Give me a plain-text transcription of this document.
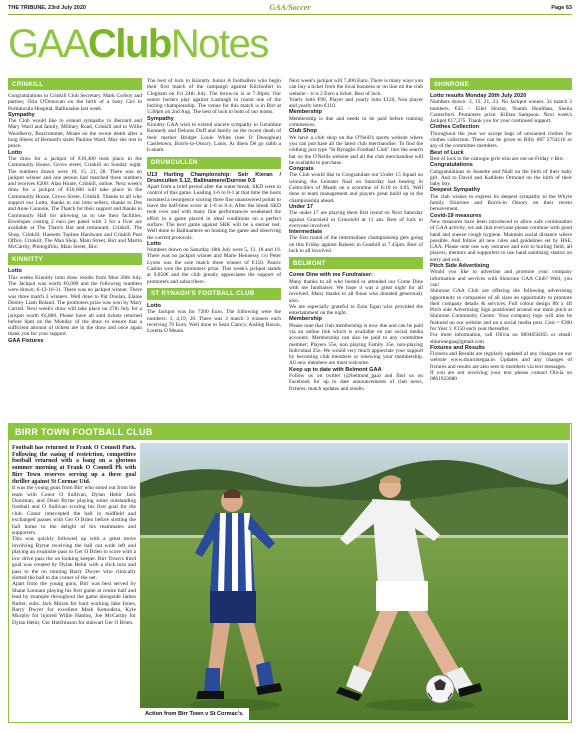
THE TRIBUNE, 23rd July 2020	GAA/Soccer	Page 63
GAAClubNotes
CRINKILL

Congratulations to Crinkill Club Secretary, Mark Corboy and partner, Orla O'Donovan on the birth of a baby Girl in Portiuncula Hospital, Ballinasloe last week.

Sympathy

The Club would like to extend sympathy to Bernard and Mary Ward and family, Military Road, Crinkill and to Willie Woodberry, Roscrommet, Moate on the recent death after a long illness of Bernard's sister Pauline Ward. May she rest in peace.

Lotto

The draw for a jackpot of €10,400 took place in the Community House, Grove street, Crinkill on Sunday night. The numbers drawn were 10, 15, 21, 28. There was no jackpot winner and one person had matched three numbers and receives €200: Alan Hoare, Crinkill, online. Next week's draw for a jackpot of €10,600 will take place in the Community House, Grove Street, Crinkill. Thanks to all who support our Lotto, thanks to our lotto sellers, thanks to Des and Anne Connole, The Thatch for their support and thanks to Community Hall for allowing us to use their facilities. Envelopes costing 2 euro per panel with 3 for a fiver are available at The Thatch Bar and restaurant, Crinkill; The Shop, Crinkill; Hassetts Topline Hardware and Crinkill Post Office, Crinkill; The Man Shop, Main Street, Birr and Martin McCarthy, Photogift4u, Main Street, Birr.

KINNITTY
Lotto

This weeks Kinnitty lotto draw results from Mon 20th July. The Jackpot was worth €6,000 and the following numbers were drawn; 6-12-16-31. There was no jackpot winner. There was three match 3 winners. Well done to Pat Doolan, Elaine Dooley Liam Boland. The promoters prize was won by Mary Carroll. Next week's draw will take place on 27th July for a jackpot worth €6,800. Please have all sold tickets returned before 6pm on the Monday of the draw to ensure that a sufficient amount of tickets are in the draw and once again thank you for your support.

GAA Fixtures

The best of luck to Kinnitty Junior A footballers who begin their first match of the campaign against Kilclonfert in Clogham on Fri 24th July. The throw-in is at 7:30pm. Our senior hurlers play against Lusmagh in round one of the hurling championship. The venue for this match is in Birr at 5:30pm on 2nd Aug. The best of luck to both of our teams.

Sympathy

Kinnitty GAA wish to extend sincere sympathy to Geraldine Kennedy and Delores Duff and family on the recent death of their mother Bridget Louie White (nee O Donoghue) Castletown, Borris-in-Ossory, Laois. Ar dheis Dé go raibh a h-anam.

DRUMCULLEN
U13 Hurling Championship: Seir Kieran / Drumcullen 5.12, Ballinamere/Durrow 0.5

Apart from a brief period after the water break, SKD were in control of this game. Leading 1-6 to 0-1 at that time the hosts mounted a resurgence scoring three fine unanswered points to leave the half-time score at 1-6 to 0-4. After the break SKD took over and with many fine performances weakened the effort in a game played in ideal conditions on a perfect surface. The next game against SBK will be a sterner test. Well done to Ballinamere on hosting the game and observing the current protocols.

Lotto

Numbers drawn on Saturday 18th July were 5, 13, 18 and 19. There was no jackpot winner and Marie Hennessy c/o Peter Lyons was the sole match three winner of €150. Pauric Cashin won the promoters prize. This week's jackpot stands at 9,850€ and the club greatly appreciates the support of promoters and subscribers.

ST RYNAGH'S FOOTBALL CLUB
Lotto

The Jackpot was for 7200 Euro. The following were the numbers: 3, 4,19, 20. There was 3 match 3 winners each receiving 70 Euro. Well done to Sean Clancy, Aisling Bacon, Loretta O Meara.

Next week's jackpot will 7,400 Euro. There is many ways you can buy a ticket from the local business or on line on the club website – it is 2 Euro a ticket. Best of luck.

Yearly lotto €90, Player and yearly lotto €120, Non player and yearly lotto €110.

Membership

Membership is due and needs to be paid before training commences.

Club Shop

We have a club shop on the O'Neill's sports website where you can purchase all the latest club merchandise. To find the clothing just type "St Rynaghs Football Club" into the search bar on the O'Neills website and all the club merchandise will be available to purchase.

Congrats

The Club would like to Congratulate our Under 15 Squad on winning the Leinster final on Saturday last beating St Colmcille's of Meath on a scoreline of 6:10 to 4:05. Well done to team management and players great build up to the championship ahead.

Under 17

The under 17 are playing there first round on Next Saturday against Graceield in Graceield at 11 am. Best of luck to everyone involved.

Intermediate

The first round of the intermediate championship gets going on this Friday against Raheen in Geashill at 7.45pm. Best of luck to all involved.

BELMONT
Come Dine with me Fundraiser:

Many thanks to all who hosted or attended our Come Dine with me fundraiser. We hope it was a great night for all involved. Many thanks to all those who donated generously also.

We are especially grateful to Eoin Egan who provided the entertainment on the night.

Membership

Please note that club membership is now due and can be paid via an online link which is available on our social media accounts. Membership can also be paid to any committee member: Players 55e, non playing Family 35e, non-playing Individual 25e. We would very much appreciate your support by becoming club members or renewing your membership. All new members are most welcome.

Keep up to date with Belmont GAA

Follow us on twitter (@belmont_gaa) and find us on Facebook for up to date announcements of club news, fixtures, match updates and results.

SHINRONE
Lotto results Monday 20th July 2020

Numbers drawn: 3, 13, 21, 23. No Jackpot winner. 3x match 3 numbers. €45 – Eilel Hoctor, Niamh Houlihan, Sheila Comerford. Promoters prize: Killian Sampson. Next week's Jackpot €17,375. Thank you for your continued support.

Clothes Collection

Throughout the year we accept bags of unwanted clothes for clothes collection. These can be given to Billy 087 2754116 or any of the committee members.

Best of Luck

Best of luck to the camogie girls who are out on Friday v Birr.

Congratulations

Congratulations to Jeanette and Niall on the birth of their baby girl. And to David and Kathleen Ormond on the birth of their baby boy.

Deepest Sympathy

The club wishes to express its deepest sympathy to the Whyte family Shinrone and Borris-in Ossory on their recent bereavement.

Covid-19 measures

New measures have been introduced to allow safe continuation of GAA activity, we ask that everyone please continue with good hand and sneeze cough hygiene. Maintain social distance where possible. And follow all new rules and guidelines set by HSE, GAA. Please note one way entrance and exit to hurling field, all players, mentors and supporters to use hand sanitising station on entry and exit.

Pitch Side Advertising

Would you like to advertise and promote your company information and services with Shinrone GAA Club? Well, you can!

Shinrone GAA Club are offering the following advertising opportunity to companies of all sizes an opportunity to promote their company details & services. Full colour design 8ft x 4ft Pitch side Advertising Sign positioned around our main pitch at Shinrone Community Centre. Your company logo will also be featured on our website and on a social media post. Cost = €300 for Year 1, €150 each year thereafter.

For more information, call Olivia on 0894658365 or email: shinronegaa@gmail.com

Fixtures and Results

Fixtures and Results are regularly updated of any changes on our website www.shinronegaa.ie. Updates and any changes of fixtures and results are also sent to members via text messages.

If you are not receiving your text please contact Olivia on 0861923080

BIRR TOWN FOOTBALL CLUB

Football has returned to Frank O Connell Park. Following the easing of restriction, competitive football returned with a bang on a glorious summer morning at Frank O Connell Pk with Birr Town reserves serving up a three goal thriller against St Cormac Utd.

It was the young guns from Birr who stood out from the team with Conor O Sullivan, Dylan Hehir Jack Doorman, and Dean Byrne playing some outstanding football and O Sullivan scoring his first goal for the club. Conor intercepted the ball in midfield and exchanged passes with Ger O Brien before slotting the ball home to the delight of his teammates and supporters.

This was quickly followed up with a great move involving Byrne receiving the ball out wide left and playing an exquisite pass to Ger O Brien to score with a low drive pass the on looking keeper. Birr Town's third goal was created by Dylan Hehir with a slick turn and pass to the on running Barry Dwyer who clinically slotted the ball to the corner of the net.

Apart from the young guns, Birr was best served by Shane Lonnam playing his first game at centre half and lead by example throughout the game alongside James Butler, subs: Jack Moran for hard working Jake Jones, Barry Dwyer for excellent Mark Kemodera, Kyle Murphy for injured Willie Hanlon, Joe McCarthy for Dylan Hehir, Ger Hutchinson for stalwart Ger O Brien.

Action from Birr Town v St Cormac's.
